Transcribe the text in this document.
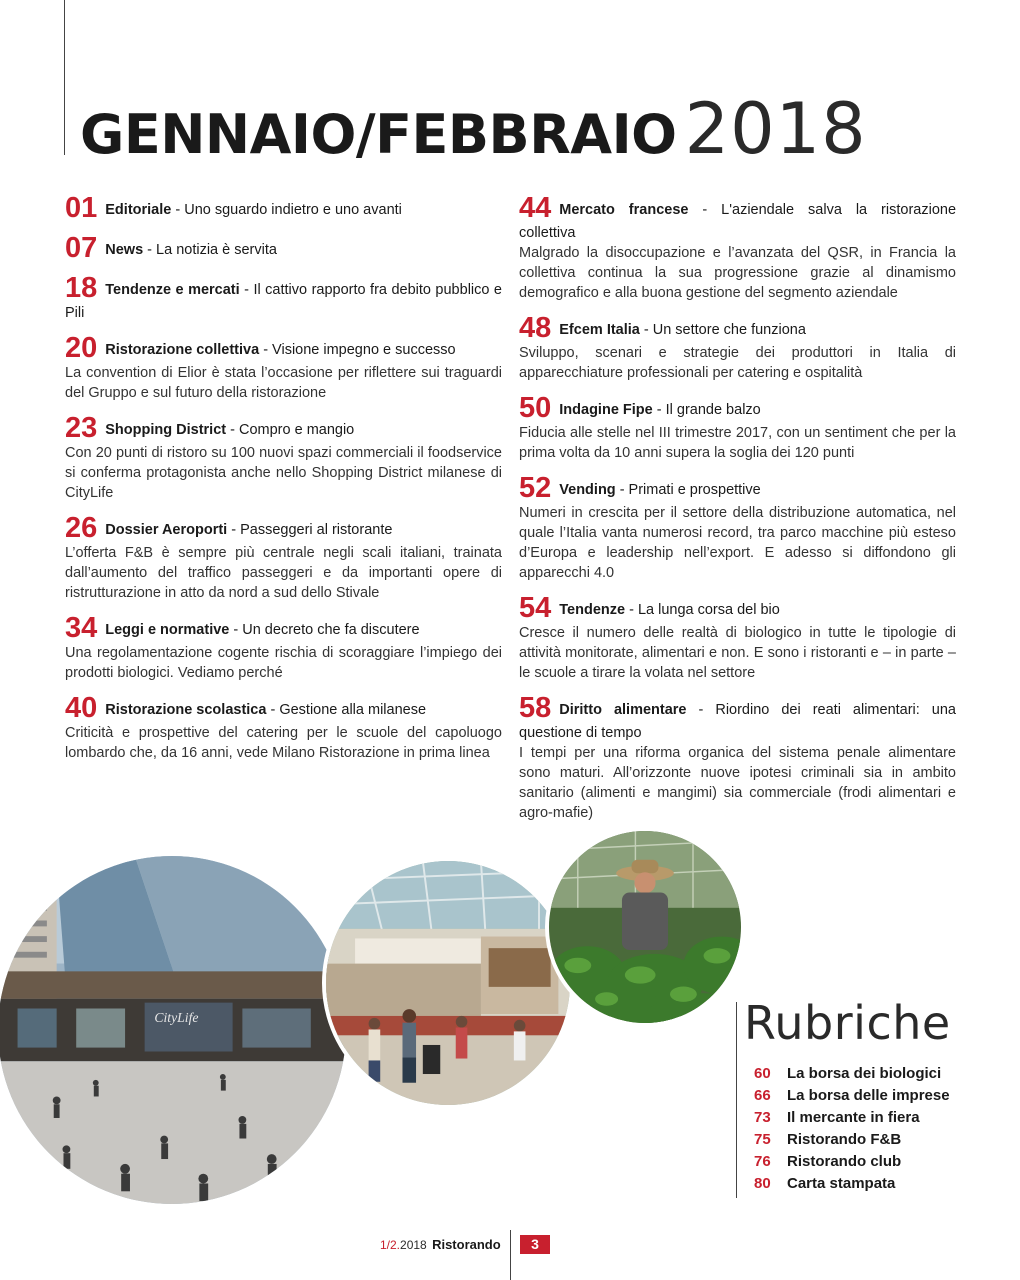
GENNAIO/FEBBRAIO 2018
01 Editoriale - Uno sguardo indietro e uno avanti
07 News - La notizia è servita
18 Tendenze e mercati - Il cattivo rapporto fra debito pubblico e Pili
20 Ristorazione collettiva - Visione impegno e successo
La convention di Elior è stata l’occasione per riflettere sui traguardi del Gruppo e sul futuro della ristorazione
23 Shopping District - Compro e mangio
Con 20 punti di ristoro su 100 nuovi spazi commerciali il foodservice si conferma protagonista anche nello Shopping District milanese di CityLife
26 Dossier Aeroporti - Passeggeri al ristorante
L’offerta F&B è sempre più centrale negli scali italiani, trainata dall’aumento del traffico passeggeri e da importanti opere di ristrutturazione in atto da nord a sud dello Stivale
34 Leggi e normative - Un decreto che fa discutere
Una regolamentazione cogente rischia di scoraggiare l’impiego dei prodotti biologici. Vediamo perché
40 Ristorazione scolastica - Gestione alla milanese
Criticità e prospettive del catering per le scuole del capoluogo lombardo che, da 16 anni, vede Milano Ristorazione in prima linea
44 Mercato francese - L'aziendale salva la ristorazione collettiva
Malgrado la disoccupazione e l’avanzata del QSR, in Francia la collettiva continua la sua progressione grazie al dinamismo demografico e alla buona gestione del segmento aziendale
48 Efcem Italia - Un settore che funziona
Sviluppo, scenari e strategie dei produttori in Italia di apparecchiature professionali per catering e ospitalità
50 Indagine Fipe - Il grande balzo
Fiducia alle stelle nel III trimestre 2017, con un sentiment che per la prima volta da 10 anni supera la soglia dei 120 punti
52 Vending - Primati e prospettive
Numeri in crescita per il settore della distribuzione automatica, nel quale l’Italia vanta numerosi record, tra parco macchine più esteso d’Europa e leadership nell’export. E adesso si diffondono gli apparecchi 4.0
54 Tendenze - La lunga corsa del bio
Cresce il numero delle realtà di biologico in tutte le tipologie di attività monitorate, alimentari e non. E sono i ristoranti e – in parte – le scuole a tirare la volata nel settore
58 Diritto alimentare - Riordino dei reati alimentari: una questione di tempo
I tempi per una riforma organica del sistema penale alimentare sono maturi. All’orizzonte nuove ipotesi criminali sia in ambito sanitario (alimenti e mangimi) sia commerciale (frodi alimentari e agro-mafie)
CityLife	Rubriche
60 La borsa dei biologici
66 La borsa delle imprese
73 Il mercante in fiera
75 Ristorando F&B
76 Ristorando club
80 Carta stampata
1/2.2018 Ristorando	3
